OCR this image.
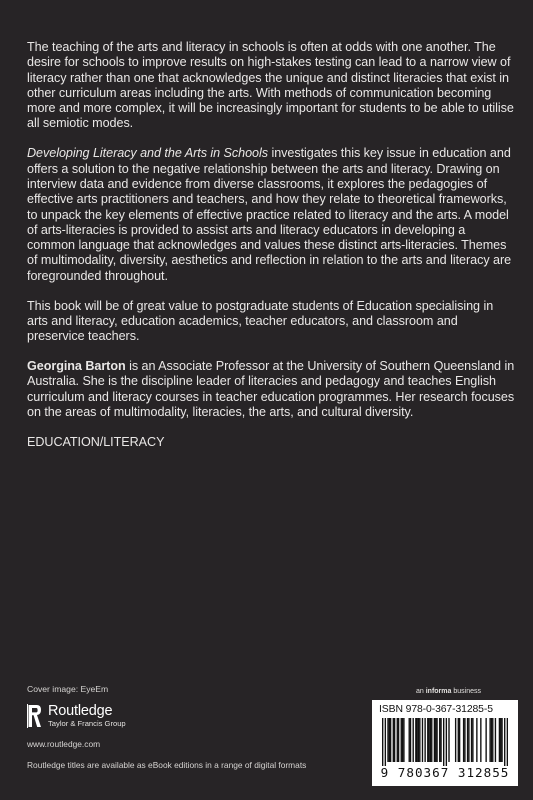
The teaching of the arts and literacy in schools is often at odds with one another. The desire for schools to improve results on high-stakes testing can lead to a narrow view of literacy rather than one that acknowledges the unique and distinct literacies that exist in other curriculum areas including the arts. With methods of communication becoming more and more complex, it will be increasingly important for students to be able to utilise all semiotic modes.

Developing Literacy and the Arts in Schools investigates this key issue in education and offers a solution to the negative relationship between the arts and literacy. Drawing on interview data and evidence from diverse classrooms, it explores the pedagogies of effective arts practitioners and teachers, and how they relate to theoretical frameworks, to unpack the key elements of effective practice related to literacy and the arts. A model of arts-literacies is provided to assist arts and literacy educators in developing a common language that acknowledges and values these distinct arts-literacies. Themes of multimodality, diversity, aesthetics and reflection in relation to the arts and literacy are foregrounded throughout.

This book will be of great value to postgraduate students of Education specialising in arts and literacy, education academics, teacher educators, and classroom and preservice teachers.

Georgina Barton is an Associate Professor at the University of Southern Queensland in Australia. She is the discipline leader of literacies and pedagogy and teaches English curriculum and literacy courses in teacher education programmes. Her research focuses on the areas of multimodality, literacies, the arts, and cultural diversity.

EDUCATION/LITERACY

Cover image: EyeEm
Routledge
Taylor & Francis Group
www.routledge.com
Routledge titles are available as eBook editions in a range of digital formats
an informa business
ISBN 978-0-367-31285-5
9 780367 312855
